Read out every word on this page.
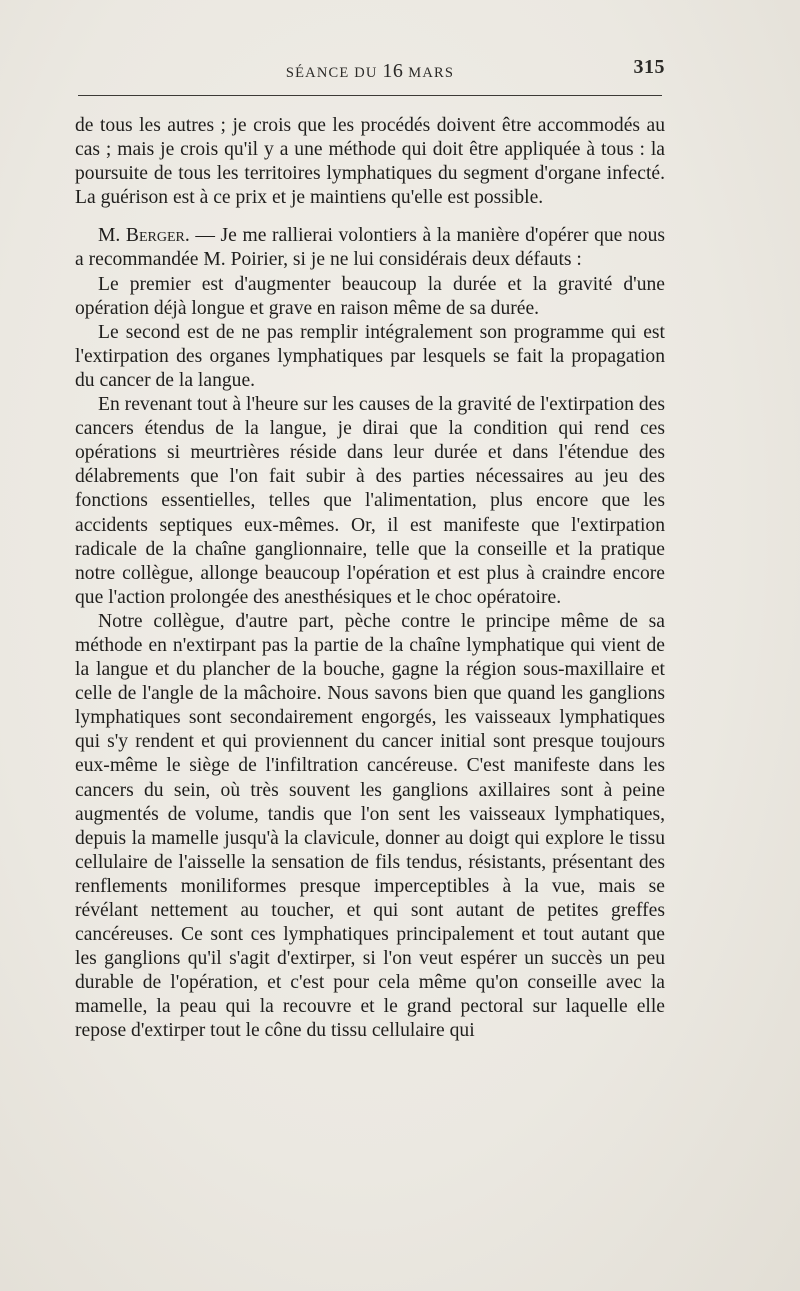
SÉANCE DU 16 MARS	315

de tous les autres ; je crois que les procédés doivent être accommodés au cas ; mais je crois qu'il y a une méthode qui doit être appliquée à tous : la poursuite de tous les territoires lymphatiques du segment d'organe infecté. La guérison est à ce prix et je maintiens qu'elle est possible.

M. Berger. — Je me rallierai volontiers à la manière d'opérer que nous a recommandée M. Poirier, si je ne lui considérais deux défauts :

Le premier est d'augmenter beaucoup la durée et la gravité d'une opération déjà longue et grave en raison même de sa durée.

Le second est de ne pas remplir intégralement son programme qui est l'extirpation des organes lymphatiques par lesquels se fait la propagation du cancer de la langue.

En revenant tout à l'heure sur les causes de la gravité de l'extirpation des cancers étendus de la langue, je dirai que la condition qui rend ces opérations si meurtrières réside dans leur durée et dans l'étendue des délabrements que l'on fait subir à des parties nécessaires au jeu des fonctions essentielles, telles que l'alimentation, plus encore que les accidents septiques eux-mêmes. Or, il est manifeste que l'extirpation radicale de la chaîne ganglionnaire, telle que la conseille et la pratique notre collègue, allonge beaucoup l'opération et est plus à craindre encore que l'action prolongée des anesthésiques et le choc opératoire.

Notre collègue, d'autre part, pèche contre le principe même de sa méthode en n'extirpant pas la partie de la chaîne lymphatique qui vient de la langue et du plancher de la bouche, gagne la région sous-maxillaire et celle de l'angle de la mâchoire. Nous savons bien que quand les ganglions lymphatiques sont secondairement engorgés, les vaisseaux lymphatiques qui s'y rendent et qui proviennent du cancer initial sont presque toujours eux-même le siège de l'infiltration cancéreuse. C'est manifeste dans les cancers du sein, où très souvent les ganglions axillaires sont à peine augmentés de volume, tandis que l'on sent les vaisseaux lymphatiques, depuis la mamelle jusqu'à la clavicule, donner au doigt qui explore le tissu cellulaire de l'aisselle la sensation de fils tendus, résistants, présentant des renflements moniliformes presque imperceptibles à la vue, mais se révélant nettement au toucher, et qui sont autant de petites greffes cancéreuses. Ce sont ces lymphatiques principalement et tout autant que les ganglions qu'il s'agit d'extirper, si l'on veut espérer un succès un peu durable de l'opération, et c'est pour cela même qu'on conseille avec la mamelle, la peau qui la recouvre et le grand pectoral sur laquelle elle repose d'extirper tout le cône du tissu cellulaire qui
